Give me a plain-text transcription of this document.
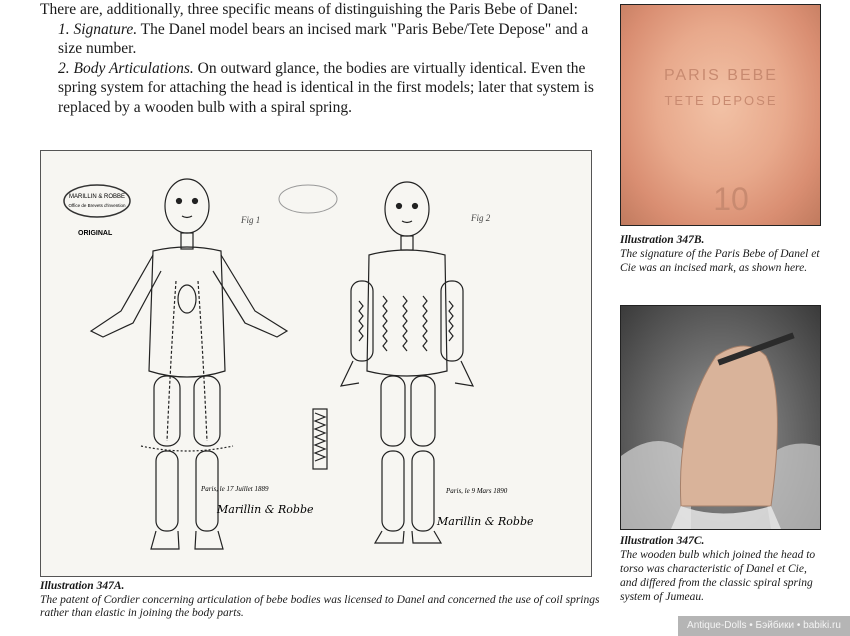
There are, additionally, three specific means of distinguishing the Paris Bebe of Danel:

1. Signature. The Danel model bears an incised mark "Paris Bebe/Tete Depose" and a size number.

2. Body Articulations. On outward glance, the bodies are virtually identical. Even the spring system for attaching the head is identical in the first models; later that system is replaced by a wooden bulb with a spiral spring.

MARILLIN & ROBBE
Office de Brevets d'invention
ORIGINAL
Fig 1	Fig 2
Paris, le 17 Juillet 1889
Marillin & Robbe
Paris, le 9 Mars 1890
Marillin & Robbe
Illustration 347A.
The patent of Cordier concerning articulation of bebe bodies was licensed to Danel and concerned the use of coil springs rather than elastic in joining the body parts.
PARIS BEBE
TETE DEPOSE
10
Illustration 347B.
The signature of the Paris Bebe of Danel et Cie was an incised mark, as shown here.
Illustration 347C.
The wooden bulb which joined the head to torso was characteristic of Danel et Cie, and differed from the classic spiral spring system of Jumeau.
Antique-Dolls • Бэйбики • babiki.ru
